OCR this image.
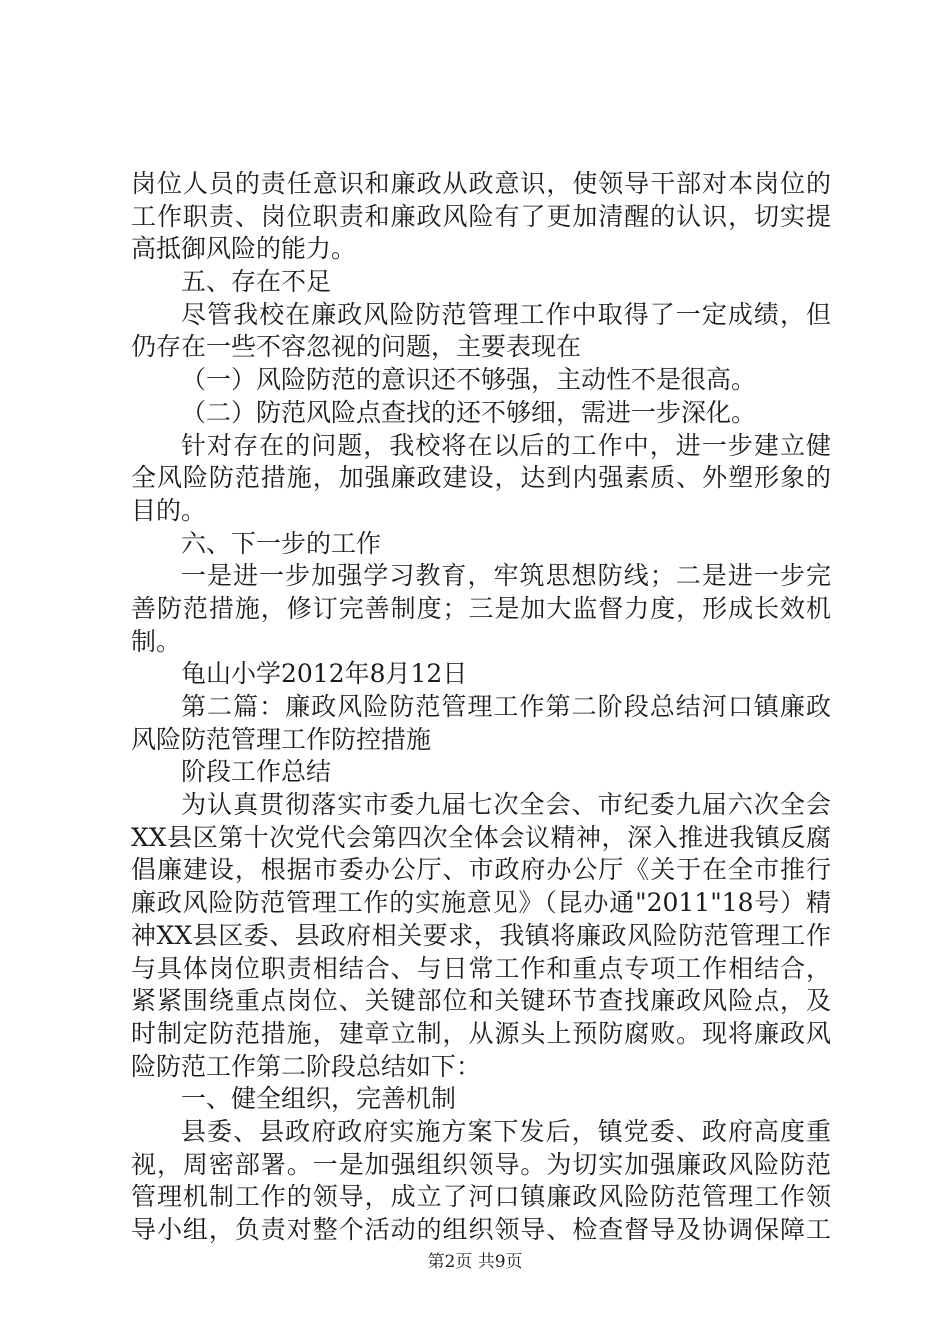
岗位人员的责任意识和廉政从政意识，使领导干部对本岗位的
工作职责、岗位职责和廉政风险有了更加清醒的认识，切实提
高抵御风险的能力。
五、存在不足
尽管我校在廉政风险防范管理工作中取得了一定成绩，但
仍存在一些不容忽视的问题，主要表现在
（一）风险防范的意识还不够强，主动性不是很高。
（二）防范风险点查找的还不够细，需进一步深化。
针对存在的问题，我校将在以后的工作中，进一步建立健
全风险防范措施，加强廉政建设，达到内强素质、外塑形象的
目的。
六、下一步的工作
一是进一步加强学习教育，牢筑思想防线；二是进一步完
善防范措施，修订完善制度；三是加大监督力度，形成长效机
制。
龟山小学2012年8月12日
第二篇：廉政风险防范管理工作第二阶段总结河口镇廉政
风险防范管理工作防控措施
阶段工作总结
为认真贯彻落实市委九届七次全会、市纪委九届六次全会
XX县区第十次党代会第四次全体会议精神，深入推进我镇反腐
倡廉建设，根据市委办公厅、市政府办公厅《关于在全市推行
廉政风险防范管理工作的实施意见》（昆办通"2011"18号）精
神XX县区委、县政府相关要求，我镇将廉政风险防范管理工作
与具体岗位职责相结合、与日常工作和重点专项工作相结合，
紧紧围绕重点岗位、关键部位和关键环节查找廉政风险点，及
时制定防范措施，建章立制，从源头上预防腐败。现将廉政风
险防范工作第二阶段总结如下：
一、健全组织，完善机制
县委、县政府政府实施方案下发后，镇党委、政府高度重
视，周密部署。一是加强组织领导。为切实加强廉政风险防范
管理机制工作的领导，成立了河口镇廉政风险防范管理工作领
导小组，负责对整个活动的组织领导、检查督导及协调保障工
第2页 共9页
